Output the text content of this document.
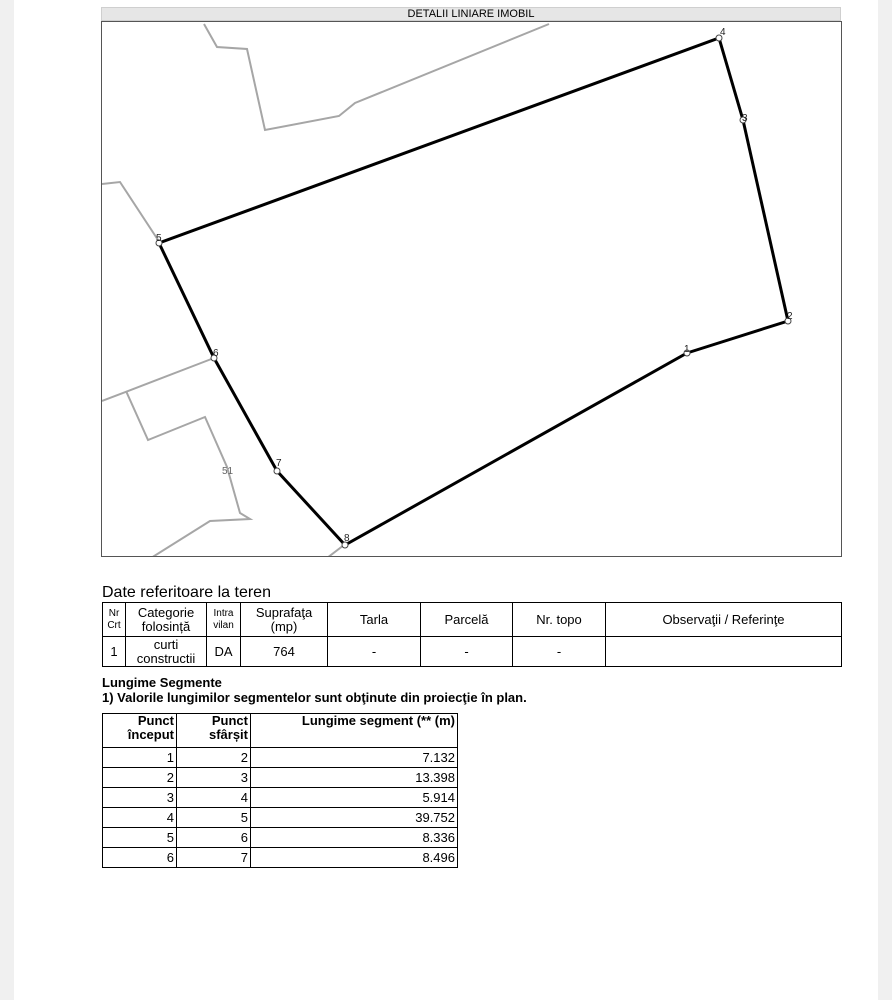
DETALII LINIARE IMOBIL
1
2
3
4
5
6
7
8
51
Date referitoare la teren
Nr Crt	Categorie folosință	Intra vilan	Suprafaţa (mp)	Tarla	Parcelă	Nr. topo	Observaţii / Referinţe
1	curti constructii	DA	764	-	-	-	
Lungime Segmente
1) Valorile lungimilor segmentelor sunt obţinute din proiecţie în plan.
Punct început	Punct sfârșit	Lungime segment (** (m)
1	2	7.132
2	3	13.398
3	4	5.914
4	5	39.752
5	6	8.336
6	7	8.496
